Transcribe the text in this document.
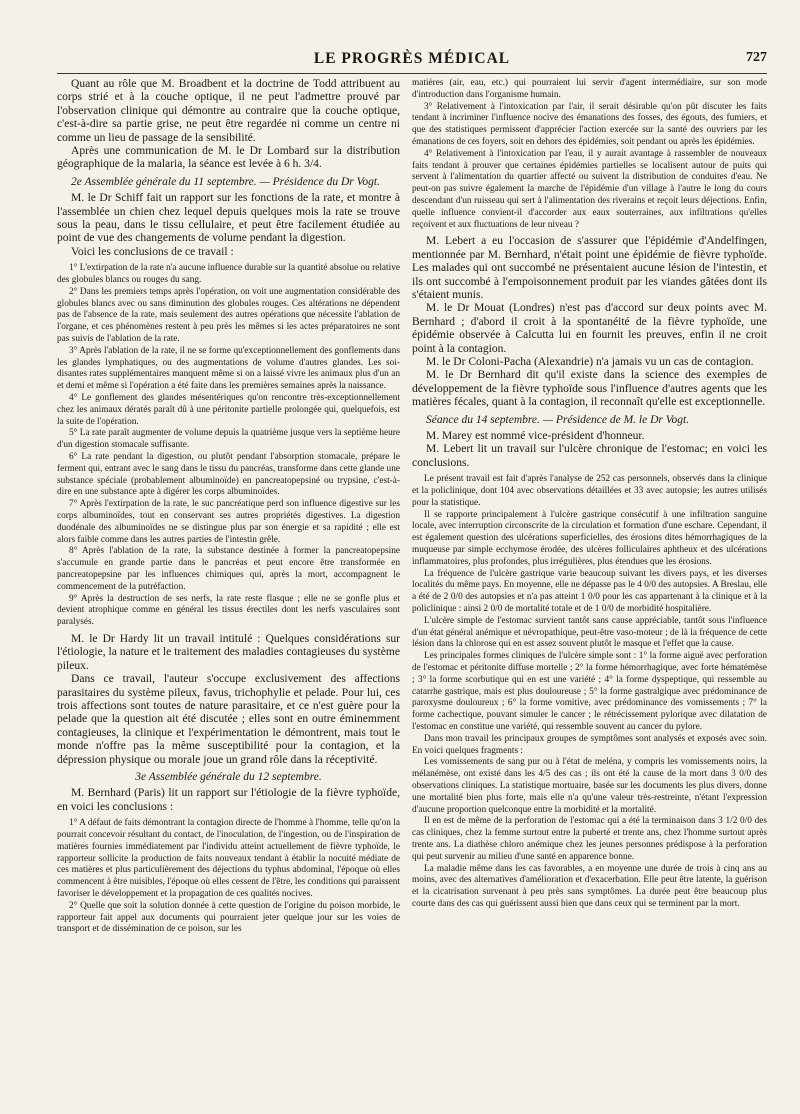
LE PROGRÈS MÉDICAL	727

Quant au rôle que M. Broadbent et la doctrine de Todd attribuent au corps strié et à la couche optique, il ne peut l'admettre prouvé par l'observation clinique qui démontre au contraire que la couche optique, c'est-à-dire sa partie grise, ne peut être regardée ni comme un centre ni comme un lieu de passage de la sensibilité.

Après une communication de M. le Dr Lombard sur la distribution géographique de la malaria, la séance est levée à 6 h. 3/4.

2e Assemblée générale du 11 septembre. — Présidence du Dr Vogt.

M. le Dr Schiff fait un rapport sur les fonctions de la rate, et montre à l'assemblée un chien chez lequel depuis quelques mois la rate se trouve sous la peau, dans le tissu cellulaire, et peut être facilement étudiée au point de vue des changements de volume pendant la digestion.

Voici les conclusions de ce travail :

1° L'extirpation de la rate n'a aucune influence durable sur la quantité absolue ou relative des globules blancs ou rouges du sang.

2° Dans les premiers temps après l'opération, on voit une augmentation considérable des globules blancs avec ou sans diminution des globules rouges. Ces altérations ne dépendent pas de l'absence de la rate, mais seulement des autres opérations que nécessite l'ablation de l'organe, et ces phénomènes restent à peu près les mêmes si les actes préparatoires ne sont pas suivis de l'ablation de la rate.

3° Après l'ablation de la rate, il ne se forme qu'exceptionnellement des gonflements dans les glandes lymphatiques, ou des augmentations de volume d'autres glandes. Les soi-disantes rates supplémentaires manquent même si on a laissé vivre les animaux plus d'un an et demi et même si l'opération a été faite dans les premières semaines après la naissance.

4° Le gonflement des glandes mésentériques qu'on rencontre très-exceptionnellement chez les animaux dératés paraît dû à une péritonite partielle prolongée qui, quelquefois, est la suite de l'opération.

5° La rate paraît augmenter de volume depuis la quatrième jusque vers la septième heure d'un digestion stomacale suffisante.

6° La rate pendant la digestion, ou plutôt pendant l'absorption stomacale, prépare le ferment qui, entrant avec le sang dans le tissu du pancréas, transforme dans cette glande une substance spéciale (probablement albuminoïde) en pancreatopepsiné ou trypsine, c'est-à-dire en une substance apte à digérer les corps albuminoïdes.

7° Après l'extirpation de la rate, le suc pancréatique perd son influence digestive sur les corps albuminoïdes, tout en conservant ses autres propriétés digestives. La digestion duodénale des albuminoïdes ne se distingue plus par son énergie et sa rapidité ; elle est alors faible comme dans les autres parties de l'intestin grêle.

8° Après l'ablation de la rate, la substance destinée à former la pancreatopepsine s'accumule en grande partie dans le pancréas et peut encore être transformée en pancreatopepsine par les influences chimiques qui, après la mort, accompagnent le commencement de la putréfaction.

9° Après la destruction de ses nerfs, la rate reste flasque ; elle ne se gonfle plus et devient atrophique comme en général les tissus érectiles dont les nerfs vasculaires sont paralysés.

M. le Dr Hardy lit un travail intitulé : Quelques considérations sur l'étiologie, la nature et le traitement des maladies contagieuses du système pileux.

Dans ce travail, l'auteur s'occupe exclusivement des affections parasitaires du système pileux, favus, trichophylie et pelade. Pour lui, ces trois affections sont toutes de nature parasitaire, et ce n'est guère pour la pelade que la question ait été discutée ; elles sont en outre éminemment contagieuses, la clinique et l'expérimentation le démontrent, mais tout le monde n'offre pas la même susceptibilité pour la contagion, et la dépression physique ou morale joue un grand rôle dans la réceptivité.

3e Assemblée générale du 12 septembre.

M. Bernhard (Paris) lit un rapport sur l'étiologie de la fièvre typhoïde, en voici les conclusions :

1° A défaut de faits démontrant la contagion directe de l'homme à l'homme, telle qu'on la pourrait concevoir résultant du contact, de l'inoculation, de l'ingestion, ou de l'inspiration de matières fournies immédiatement par l'individu atteint actuellement de fièvre typhoïde, le rapporteur sollicite la production de faits nouveaux tendant à établir la nocuité médiate de ces matières et plus particulièrement des déjections du typhus abdominal, l'époque où elles commencent à être nuisibles, l'époque où elles cessent de l'être, les conditions qui paraissent favoriser le développement et la propagation de ces qualités nocives.

2° Quelle que soit la solution donnée à cette question de l'origine du poison morbide, le rapporteur fait appel aux documents qui pourraient jeter quelque jour sur les voies de transport et de dissémination de ce poison, sur les

matières (air, eau, etc.) qui pourraient lui servir d'agent intermédiaire, sur son mode d'introduction dans l'organisme humain.

3° Relativement à l'intoxication par l'air, il serait désirable qu'on pût discuter les faits tendant à incriminer l'influence nocive des émanations des fosses, des égouts, des fumiers, et que des statistiques permissent d'apprécier l'action exercée sur la santé des ouvriers par les émanations de ces foyers, soit en dehors des épidémies, soit pendant ou après les épidémies.

4° Relativement à l'intoxication par l'eau, il y aurait avantage à rassembler de nouveaux faits tendant à prouver que certaines épidémies partielles se localisent autour de puits qui servent à l'alimentation du quartier affecté ou suivent la distribution de conduites d'eau. Ne peut-on pas suivre également la marche de l'épidémie d'un village à l'autre le long du cours descendant d'un ruisseau qui sert à l'alimentation des riverains et reçoit leurs déjections. Enfin, quelle influence convient-il d'accorder aux eaux souterraines, aux infiltrations qu'elles reçoivent et aux fluctuations de leur niveau ?

M. Lebert a eu l'occasion de s'assurer que l'épidémie d'Andelfingen, mentionnée par M. Bernhard, n'était point une épidémie de fièvre typhoïde. Les malades qui ont succombé ne présentaient aucune lésion de l'intestin, et ils ont succombé à l'empoisonnement produit par les viandes gâtées dont ils s'étaient munis.

M. le Dr Mouat (Londres) n'est pas d'accord sur deux points avec M. Bernhard ; d'abord il croit à la spontanéité de la fièvre typhoïde, une épidémie observée à Calcutta lui en fournit les preuves, enfin il ne croit point à la contagion.

M. le Dr Coloni-Pacha (Alexandrie) n'a jamais vu un cas de contagion.

M. le Dr Bernhard dit qu'il existe dans la science des exemples de développement de la fièvre typhoïde sous l'influence d'autres agents que les matières fécales, quant à la contagion, il reconnaît qu'elle est exceptionnelle.

Séance du 14 septembre. — Présidence de M. le Dr Vogt.

M. Marey est nommé vice-président d'honneur.

M. Lebert lit un travail sur l'ulcère chronique de l'estomac; en voici les conclusions.

Le présent travail est fait d'après l'analyse de 252 cas personnels, observés dans la clinique et la policlinique, dont 104 avec observations détaillées et 33 avec autopsie; les autres utilisés pour la statistique.

Il se rapporte principalement à l'ulcère gastrique consécutif à une infiltration sanguine locale, avec interruption circonscrite de la circulation et formation d'une eschare. Cependant, il est également question des ulcérations superficielles, des érosions dites hémorrhagiques de la muqueuse par simple ecchymose érodée, des ulcères folliculaires aphtheux et des ulcérations inflammatoires, plus profondes, plus irrégulières, plus étendues que les érosions.

La fréquence de l'ulcère gastrique varie beaucoup suivant les divers pays, et les diverses localités du même pays. En moyenne, elle ne dépasse pas le 4 0/0 des autopsies. A Breslau, elle a été de 2 0/0 des autopsies et n'a pas atteint 1 0/0 pour les cas appartenant à la clinique et à la policlinique : ainsi 2 0/0 de mortalité totale et de 1 0/0 de morbidité hospitalière.

L'ulcère simple de l'estomac survient tantôt sans cause appréciable, tantôt sous l'influence d'un état général anémique et névropathique, peut-être vaso-moteur ; de là la fréquence de cette lésion dans la chlorose qui en est assez souvent plutôt le masque et l'effet que la cause.

Les principales formes cliniques de l'ulcère simple sont : 1° la forme aiguë avec perforation de l'estomac et péritonite diffuse mortelle ; 2° la forme hémorrhagique, avec forte hématémèse ; 3° la forme scorbutique qui en est une variété ; 4° la forme dyspeptique, qui ressemble au catarrhe gastrique, mais est plus douloureuse ; 5° la forme gastralgique avec prédominance de paroxysme douloureux ; 6° la forme vomitive, avec prédominance des vomissements ; 7° la forme cachectique, pouvant simuler le cancer ; le rétrécissement pylorique avec dilatation de l'estomac en constitue une variété, qui ressemble souvent au cancer du pylore.

Dans mon travail les principaux groupes de symptômes sont analysés et exposés avec soin. En voici quelques fragments :

Les vomissements de sang pur ou à l'état de meléna, y compris les vomissements noirs, la mélanémèse, ont existé dans les 4/5 des cas ; ils ont été la cause de la mort dans 3 0/0 des observations cliniques. La statistique mortuaire, basée sur les documents les plus divers, donne une mortalité bien plus forte, mais elle n'a qu'une valeur très-restreinte, n'étant l'expression d'aucune proportion quelconque entre la morbidité et la mortalité.

Il en est de même de la perforation de l'estomac qui a été la terminaison dans 3 1/2 0/0 des cas cliniques, chez la femme surtout entre la puberté et trente ans, chez l'homme surtout après trente ans. La diathèse chloro anémique chez les jeunes personnes prédispose à la perforation qui peut survenir au milieu d'une santé en apparence bonne.

La maladie même dans les cas favorables, a en moyenne une durée de trois à cinq ans au moins, avec des alternatives d'amélioration et d'exacerbation. Elle peut être latente, la guérison et la cicatrisation survenant à peu près sans symptômes. La durée peut être beaucoup plus courte dans des cas qui guérissent aussi bien que dans ceux qui se terminent par la mort.
